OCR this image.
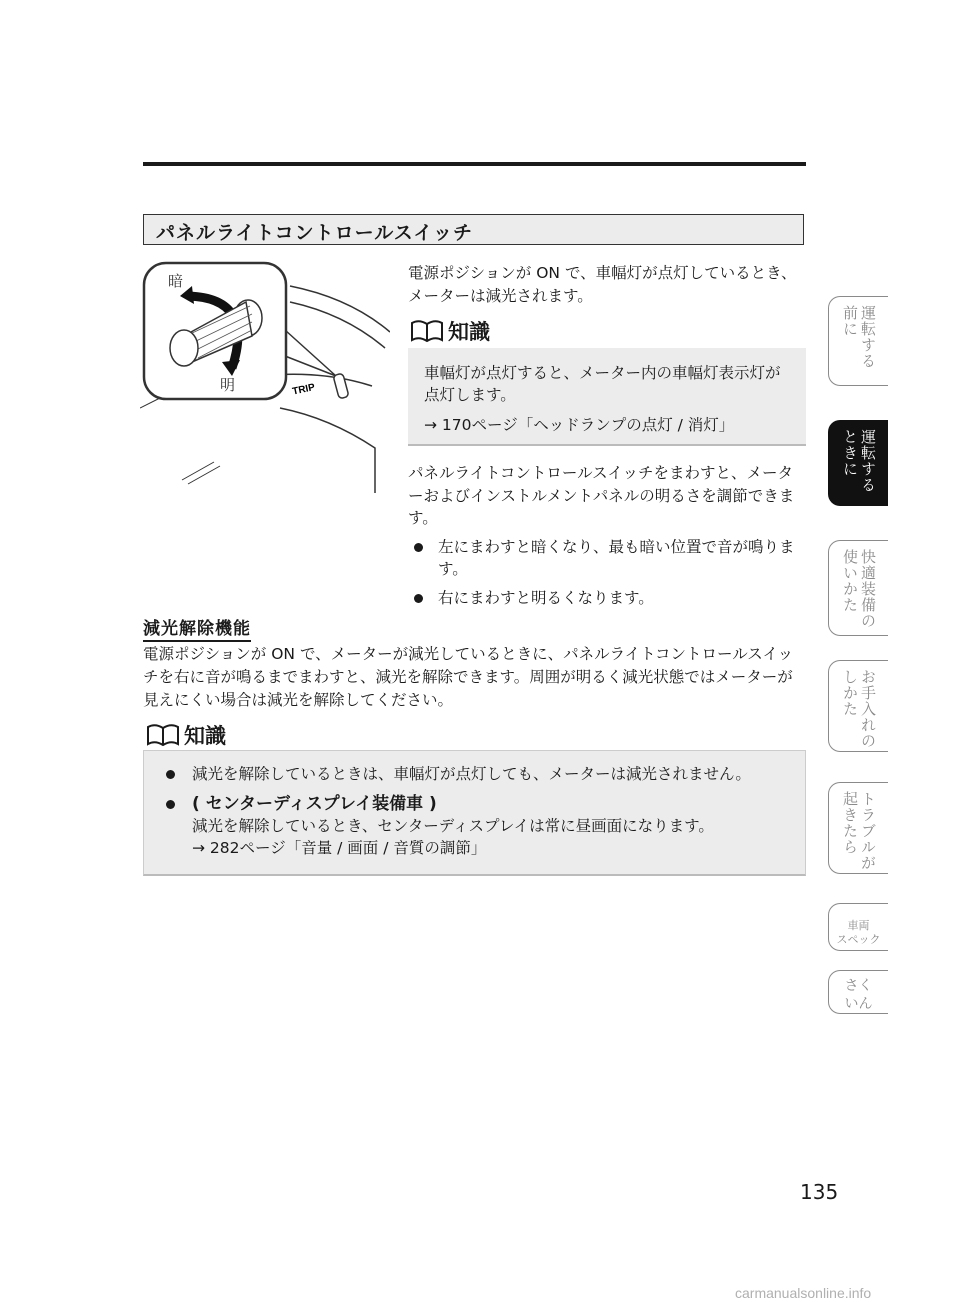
パネルライトコントロールスイッチ
TRIP
暗
明
電源ポジションが ON で、車幅灯が点灯しているとき、メーターは減光されます。
知識

車幅灯が点灯すると、メーター内の車幅灯表示灯が点灯します。

→ 170ページ「ヘッドランプの点灯 / 消灯」

パネルライトコントロールスイッチをまわすと、メーターおよびインストルメントパネルの明るさを調節できます。

左にまわすと暗くなり、最も暗い位置で音が鳴ります。
右にまわすと明るくなります。
減光解除機能

電源ポジションが ON で、メーターが減光しているときに、パネルライトコントロールスイッチを右に音が鳴るまでまわすと、減光を解除できます。周囲が明るく減光状態ではメーターが見えにくい場合は減光を解除してください。

知識
減光を解除しているときは、車幅灯が点灯しても、メーターは減光されません。
( センターディスプレイ装備車 )

減光を解除しているとき、センターディスプレイは常に昼画面になります。

→ 282ページ「音量 / 画面 / 音質の調節」

運転する
前に
運転する
ときに
快適装備の
使いかた
お手入れの
しかた
トラブルが
起きたら
車両
スペック
さく
いん
135
carmanualsonline.info
